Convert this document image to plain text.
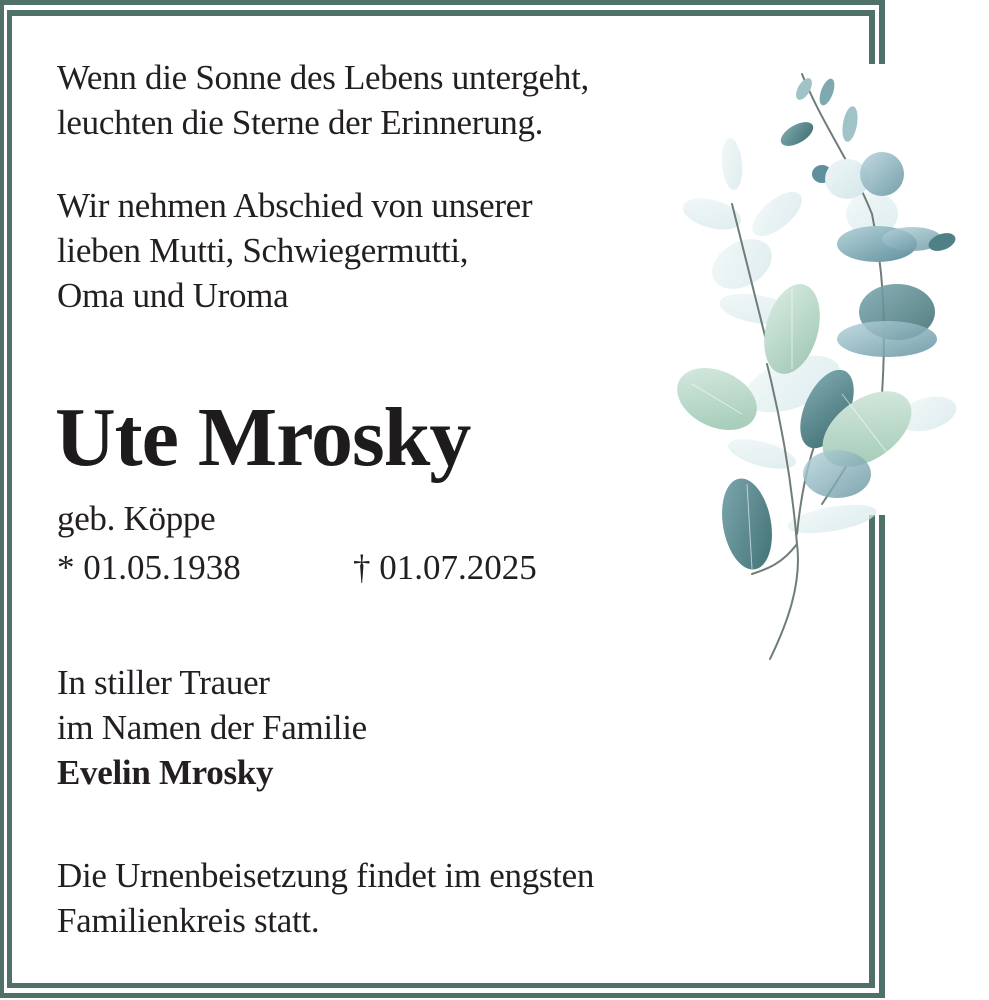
Wenn die Sonne des Lebens untergeht,
leuchten die Sterne der Erinnerung.
Wir nehmen Abschied von unserer
lieben Mutti, Schwiegermutti,
Oma und Uroma
Ute Mrosky
geb. Köppe
* 01.05.1938	† 01.07.2025
In stiller Trauer
im Namen der Familie
Evelin Mrosky
Die Urnenbeisetzung findet im engsten
Familienkreis statt.
